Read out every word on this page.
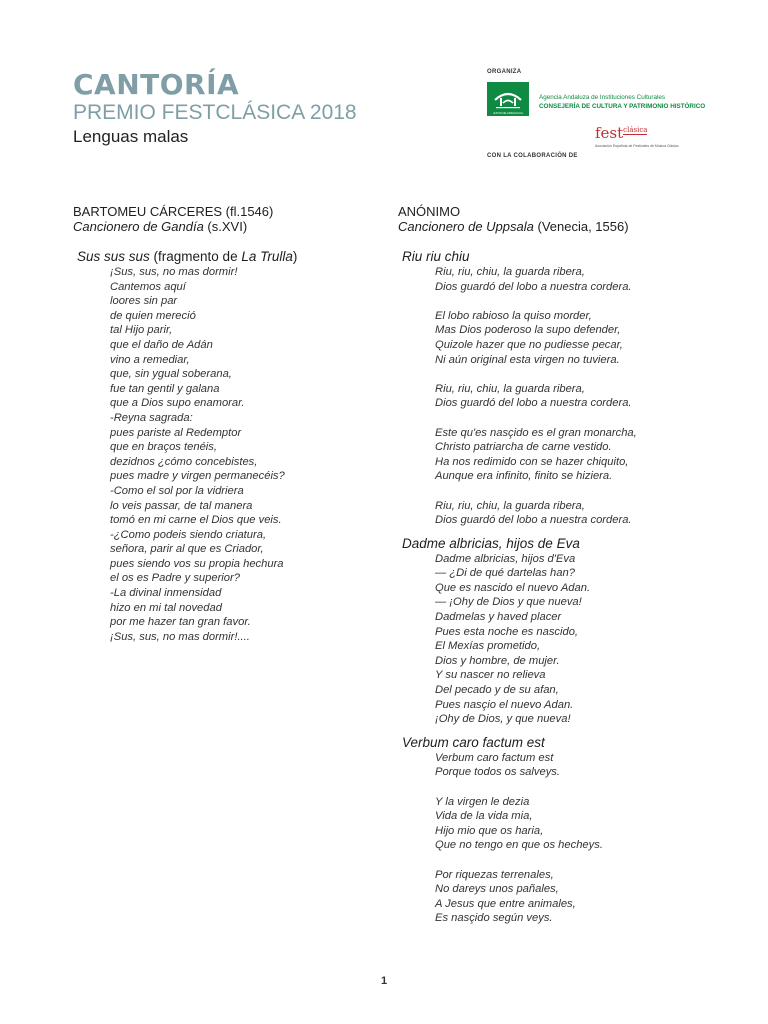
CANTORÍA
PREMIO FESTCLÁSICA 2018
Lenguas malas
ORGANIZA
JUNTA DE ANDALUCIA
Agencia Andaluza de Instituciones Culturales
CONSEJERÍA DE CULTURA Y PATRIMONIO HISTÓRICO
CON LA COLABORACIÓN DE
fest$^{clásica}$
Asociación Española de Festivales de Música Clásica
BARTOMEU CÁRCERES (fl.1546)
Cancionero de Gandía (s.XVI)
Sus sus sus (fragmento de La Trulla)
¡Sus, sus, no mas dormir!
Cantemos aquí
loores sin par
de quien mereció
tal Hijo parir,
que el daño de Adán
vino a remediar,
que, sin ygual soberana,
fue tan gentil y galana
que a Dios supo enamorar.
-Reyna sagrada:
pues pariste al Redemptor
que en braços tenéis,
dezidnos ¿cómo concebistes,
pues madre y virgen permanecéis?
-Como el sol por la vidriera
lo veis passar, de tal manera
tomó en mi carne el Dios que veis.
-¿Como podeis siendo criatura,
señora, parir al que es Criador,
pues siendo vos su propia hechura
el os es Padre y superior?
-La divinal inmensidad
hizo en mi tal novedad
por me hazer tan gran favor.
¡Sus, sus, no mas dormir!....
ANÓNIMO
Cancionero de Uppsala (Venecia, 1556)
Riu riu chiu
Riu, riu, chiu, la guarda ribera,
Dios guardó del lobo a nuestra cordera.
El lobo rabioso la quiso morder,
Mas Dios poderoso la supo defender,
Quizole hazer que no pudiesse pecar,
Ni aún original esta virgen no tuviera.
Riu, riu, chiu, la guarda ribera,
Dios guardó del lobo a nuestra cordera.
Este qu'es nasçido es el gran monarcha,
Christo patriarcha de carne vestido.
Ha nos redimido con se hazer chiquito,
Aunque era infinito, finito se hiziera.
Riu, riu, chiu, la guarda ribera,
Dios guardó del lobo a nuestra cordera.
Dadme albricias, hijos de Eva
Dadme albricias, hijos d'Eva
— ¿Di de qué dartelas han?
Que es nascido el nuevo Adan.
— ¡Ohy de Dios y que nueva!
Dadmelas y haved placer
Pues esta noche es nascido,
El Mexías prometido,
Dios y hombre, de mujer.
Y su nascer no relieva
Del pecado y de su afan,
Pues nasçio el nuevo Adan.
¡Ohy de Dios, y que nueva!
Verbum caro factum est
Verbum caro factum est
Porque todos os salveys.
Y la virgen le dezia
Vida de la vida mia,
Hijo mio que os haria,
Que no tengo en que os hecheys.
Por riquezas terrenales,
No dareys unos pañales,
A Jesus que entre animales,
Es nasçido según veys.
1
